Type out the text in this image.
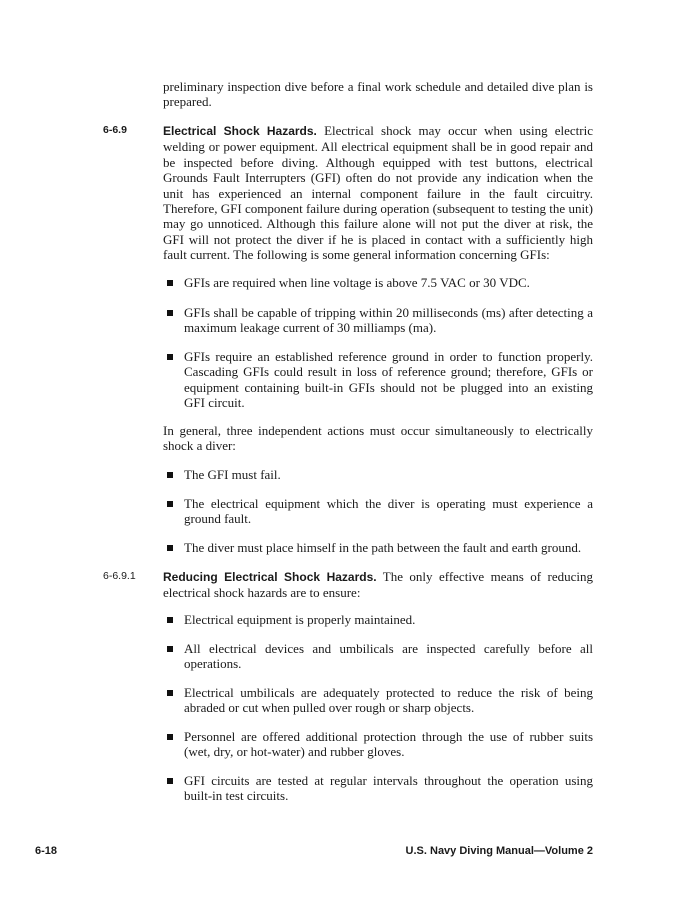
preliminary inspection dive before a final work schedule and detailed dive plan is prepared.
6-6.9	Electrical Shock Hazards. Electrical shock may occur when using electric welding or power equipment. All electrical equipment shall be in good repair and be inspected before diving. Although equipped with test buttons, electrical Grounds Fault Interrupters (GFI) often do not provide any indication when the unit has experienced an internal component failure in the fault circuitry. Therefore, GFI component failure during operation (subsequent to testing the unit) may go unnoticed. Although this failure alone will not put the diver at risk, the GFI will not protect the diver if he is placed in contact with a sufficiently high fault current. The following is some general information concerning GFIs:
GFIs are required when line voltage is above 7.5 VAC or 30 VDC.
GFIs shall be capable of tripping within 20 milliseconds (ms) after detecting a maximum leakage current of 30 milliamps (ma).
GFIs require an established reference ground in order to function properly. Cascading GFIs could result in loss of reference ground; therefore, GFIs or equipment containing built-in GFIs should not be plugged into an existing GFI circuit.
In general, three independent actions must occur simultaneously to electrically shock a diver:
The GFI must fail.
The electrical equipment which the diver is operating must experience a ground fault.
The diver must place himself in the path between the fault and earth ground.
6-6.9.1 Reducing Electrical Shock Hazards. The only effective means of reducing electrical shock hazards are to ensure:
Electrical equipment is properly maintained.
All electrical devices and umbilicals are inspected carefully before all operations.
Electrical umbilicals are adequately protected to reduce the risk of being abraded or cut when pulled over rough or sharp objects.
Personnel are offered additional protection through the use of rubber suits (wet, dry, or hot-water) and rubber gloves.
GFI circuits are tested at regular intervals throughout the operation using built-in test circuits.
6-18	U.S. Navy Diving Manual—Volume 2
